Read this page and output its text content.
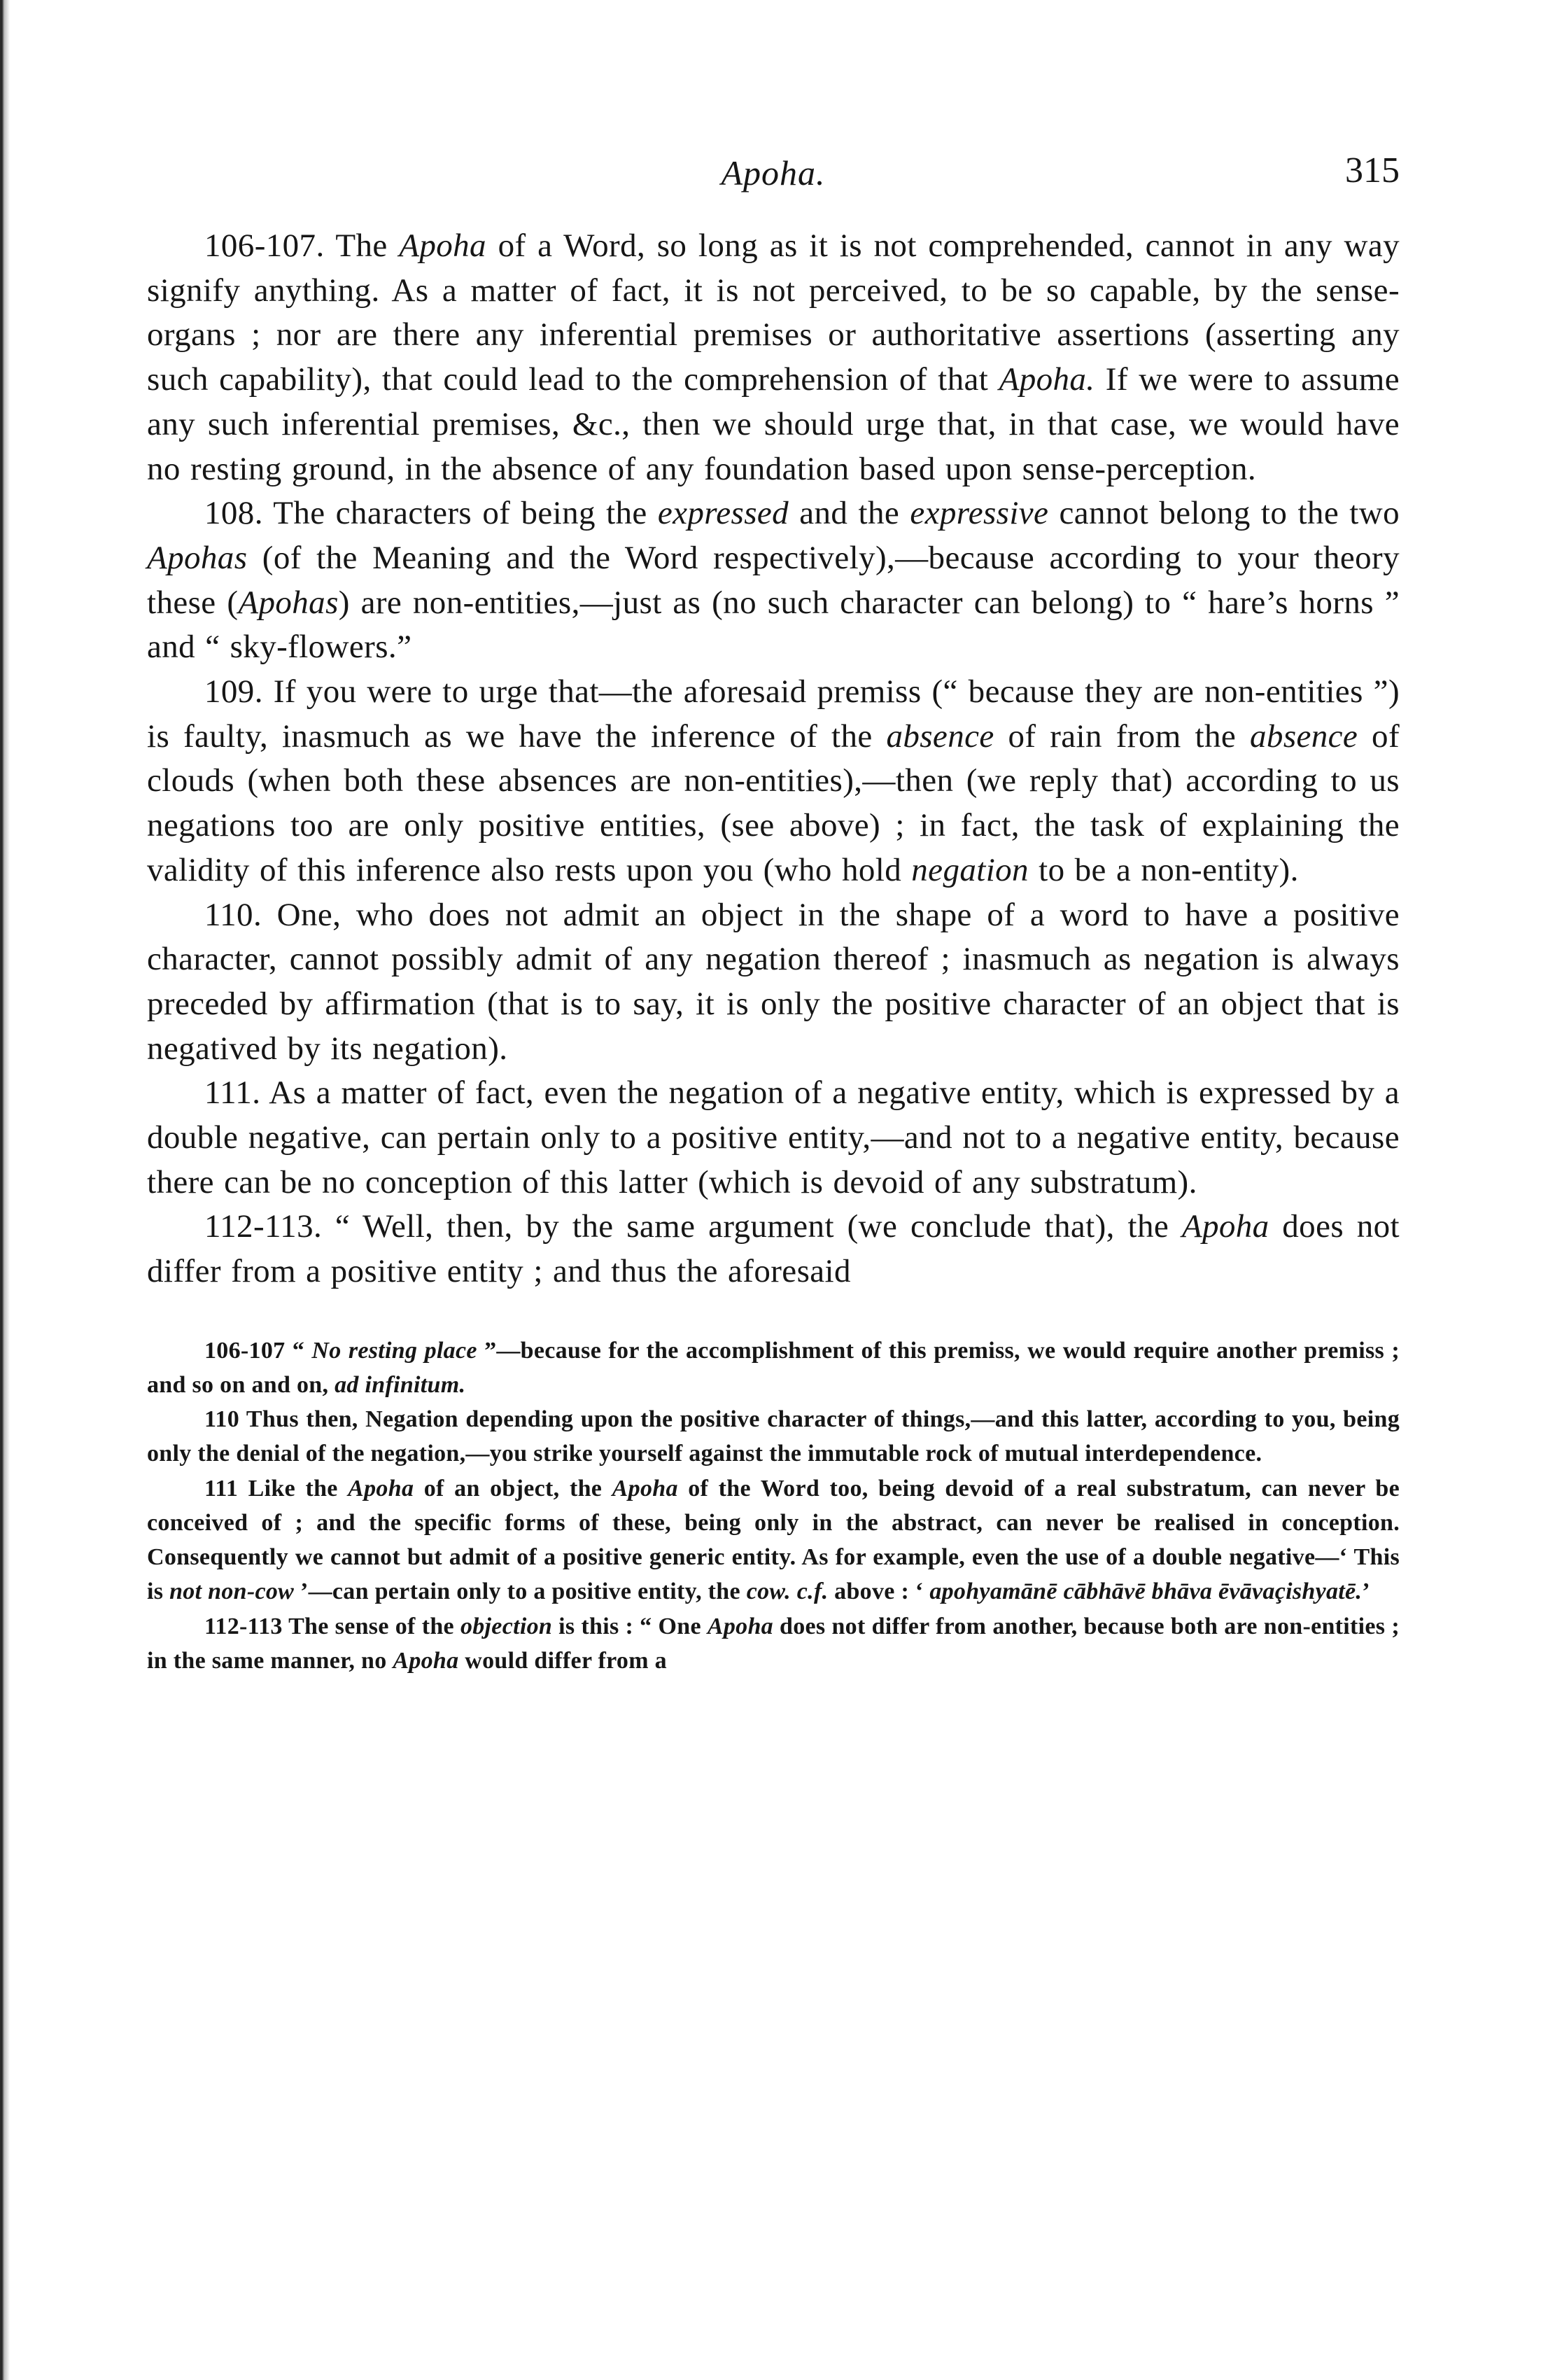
Apoha.	315

106-107. The Apoha of a Word, so long as it is not comprehended, cannot in any way signify anything. As a matter of fact, it is not perceived, to be so capable, by the sense-organs ; nor are there any inferential premises or authoritative assertions (asserting any such capability), that could lead to the comprehension of that Apoha. If we were to assume any such inferential premises, &c., then we should urge that, in that case, we would have no resting ground, in the absence of any foundation based upon sense-perception.

108. The characters of being the expressed and the expressive cannot belong to the two Apohas (of the Meaning and the Word respectively),—because according to your theory these (Apohas) are non-entities,—just as (no such character can belong) to “ hare’s horns ” and “ sky-flowers.”

109. If you were to urge that—the aforesaid premiss (“ because they are non-entities ”) is faulty, inasmuch as we have the inference of the absence of rain from the absence of clouds (when both these absences are non-entities),—then (we reply that) according to us negations too are only positive entities, (see above) ; in fact, the task of explaining the validity of this inference also rests upon you (who hold negation to be a non-entity).

110. One, who does not admit an object in the shape of a word to have a positive character, cannot possibly admit of any negation thereof ; inasmuch as negation is always preceded by affirmation (that is to say, it is only the positive character of an object that is negatived by its negation).

111. As a matter of fact, even the negation of a negative entity, which is expressed by a double negative, can pertain only to a positive entity,—and not to a negative entity, because there can be no conception of this latter (which is devoid of any substratum).

112-113. “ Well, then, by the same argument (we conclude that), the Apoha does not differ from a positive entity ; and thus the aforesaid

106-107 “ No resting place ”—because for the accomplishment of this premiss, we would require another premiss ; and so on and on, ad infinitum.

110 Thus then, Negation depending upon the positive character of things,—and this latter, according to you, being only the denial of the negation,—you strike yourself against the immutable rock of mutual interdependence.

111 Like the Apoha of an object, the Apoha of the Word too, being devoid of a real substratum, can never be conceived of ; and the specific forms of these, being only in the abstract, can never be realised in conception. Consequently we cannot but admit of a positive generic entity. As for example, even the use of a double negative—‘ This is not non-cow ’—can pertain only to a positive entity, the cow. c.f. above : ‘ apohyamānē cābhāvē bhāva ēvāvaçishyatē.’

112-113 The sense of the objection is this : “ One Apoha does not differ from another, because both are non-entities ; in the same manner, no Apoha would differ from a
